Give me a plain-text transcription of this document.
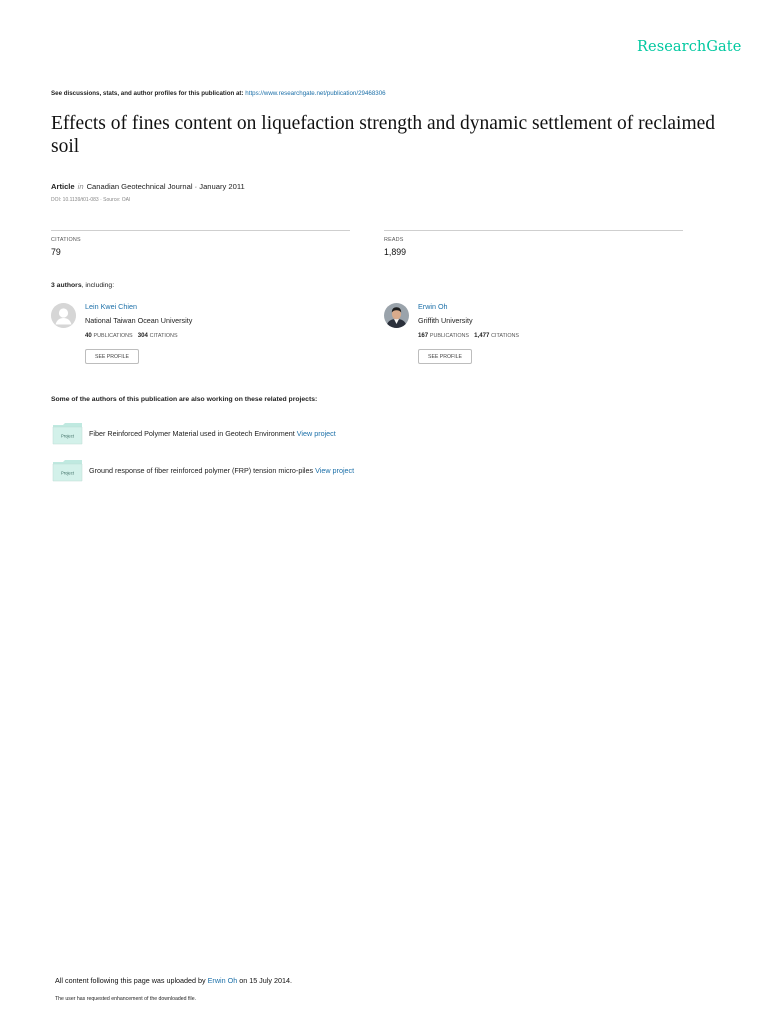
ResearchGate
See discussions, stats, and author profiles for this publication at: https://www.researchgate.net/publication/29468306
Effects of fines content on liquefaction strength and dynamic settlement of reclaimed soil
Article in Canadian Geotechnical Journal · January 2011
DOI: 10.1139/t01-083 · Source: OAI
CITATIONS
79
READS
1,899
3 authors, including:
Lein Kwei Chien
National Taiwan Ocean University
40 PUBLICATIONS 304 CITATIONS
SEE PROFILE
Erwin Oh
Griffith University
167 PUBLICATIONS 1,477 CITATIONS
SEE PROFILE
Some of the authors of this publication are also working on these related projects:
Project Fiber Reinforced Polymer Material used in Geotech Environment View project
Project Ground response of fiber reinforced polymer (FRP) tension micro-piles View project
All content following this page was uploaded by Erwin Oh on 15 July 2014.
The user has requested enhancement of the downloaded file.
